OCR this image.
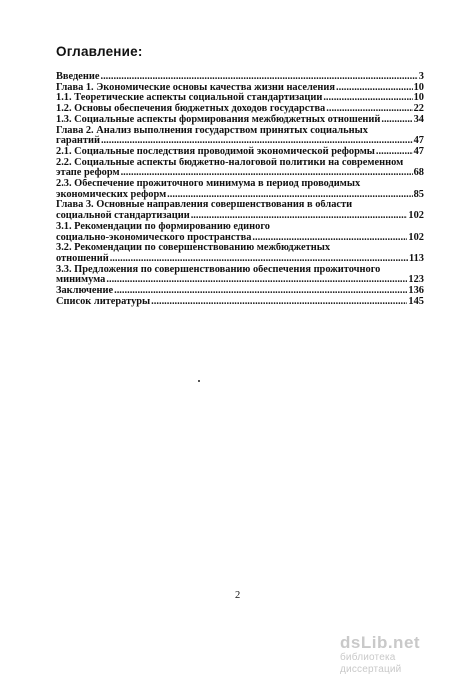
Оглавление:
Введение .....	3
Глава 1. Экономические основы качества жизни населения .....	10
1.1. Теоретические аспекты социальной стандартизации .....	10
1.2. Основы обеспечения бюджетных доходов государства .....	22
1.3. Социальные аспекты формирования межбюджетных отношений .....	34
Глава 2. Анализ выполнения государством принятых социальных
гарантий .....	47
2.1. Социальные последствия проводимой экономической реформы .....	47
2.2. Социальные аспекты бюджетно-налоговой политики на современном
этапе реформ .....	68
2.3. Обеспечение прожиточного минимума в период проводимых
экономических реформ .....	85
Глава 3. Основные направления совершенствования в области
социальной стандартизации .....	102
3.1. Рекомендации по формированию единого
социально-экономического пространства .....	102
3.2. Рекомендации по совершенствованию межбюджетных
отношений .....	113
3.3. Предложения по совершенствованию обеспечения прожиточного
минимума .....	123
Заключение .....	136
Список литературы .....	145
2
dsLib.net
библиотека диссертаций
